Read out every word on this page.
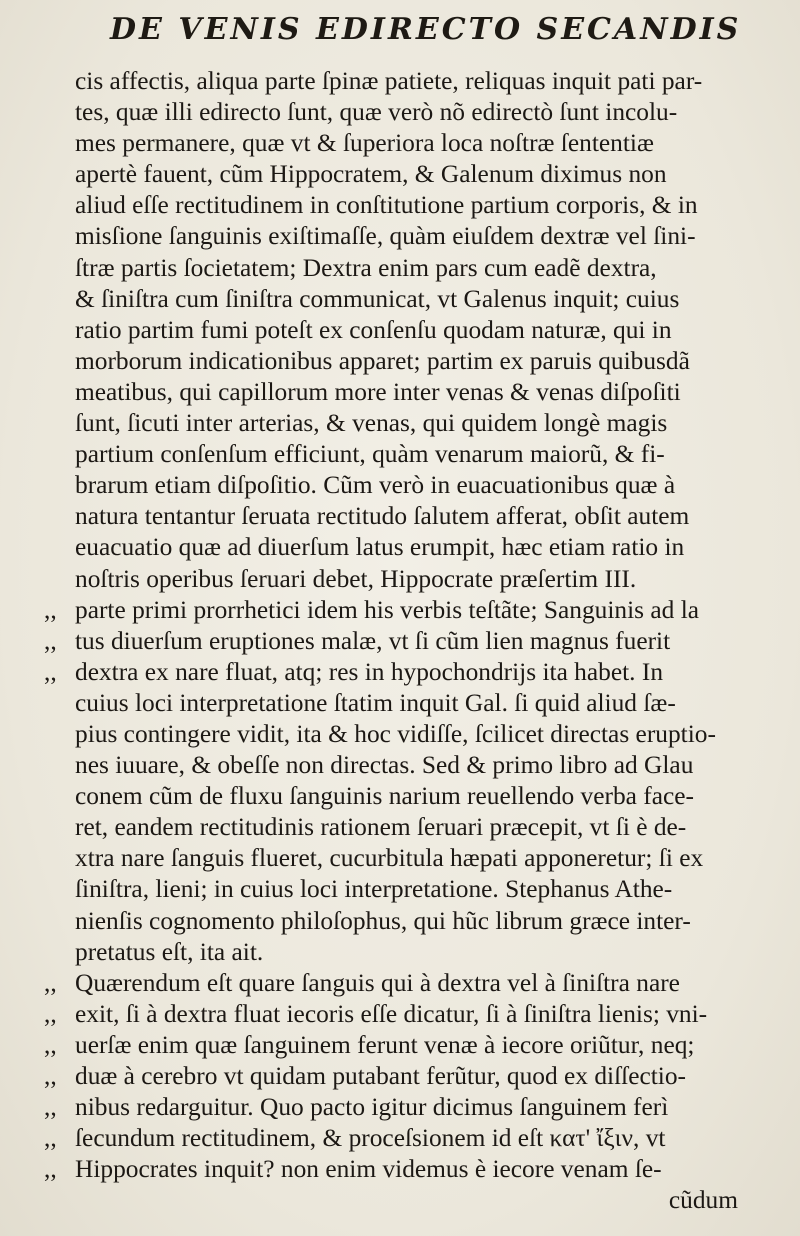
DE VENIS EDIRECTO SECANDIS
cis affectis, aliqua parte ſpinæ patiete, reliquas inquit pati par-
tes, quæ illi edirecto ſunt, quæ verò nõ edirectò ſunt incolu-
mes permanere, quæ vt & ſuperiora loca noſtræ ſententiæ
apertè fauent, cũm Hippocratem, & Galenum diximus non
aliud eſſe rectitudinem in conſtitutione partium corporis, & in
misſione ſanguinis exiſtimaſſe, quàm eiuſdem dextræ vel ſini-
ſtræ partis ſocietatem; Dextra enim pars cum eadẽ dextra,
& ſiniſtra cum ſiniſtra communicat, vt Galenus inquit; cuius
ratio partim fumi poteſt ex conſenſu quodam naturæ, qui in
morborum indicationibus apparet; partim ex paruis quibusdã
meatibus, qui capillorum more inter venas & venas diſpoſiti
ſunt, ſicuti inter arterias, & venas, qui quidem longè magis
partium conſenſum efficiunt, quàm venarum maiorũ, & fi-
brarum etiam diſpoſitio. Cũm verò in euacuationibus quæ à
natura tentantur ſeruata rectitudo ſalutem afferat, obſit autem
euacuatio quæ ad diuerſum latus erumpit, hæc etiam ratio in
noſtris operibus ſeruari debet, Hippocrate præſertim III.
,, parte primi prorrhetici idem his verbis teſtãte; Sanguinis ad la
,, tus diuerſum eruptiones malæ, vt ſi cũm lien magnus fuerit
,, dextra ex nare fluat, atq; res in hypochondrijs ita habet. In
cuius loci interpretatione ſtatim inquit Gal. ſi quid aliud ſæ-
pius contingere vidit, ita & hoc vidiſſe, ſcilicet directas eruptio-
nes iuuare, & obeſſe non directas. Sed & primo libro ad Glau
conem cũm de fluxu ſanguinis narium reuellendo verba face-
ret, eandem rectitudinis rationem ſeruari præcepit, vt ſi è de-
xtra nare ſanguis flueret, cucurbitula hæpati apponeretur; ſi ex
ſiniſtra, lieni; in cuius loci interpretatione. Stephanus Athe-
nienſis cognomento philoſophus, qui hũc librum græce inter-
pretatus eſt, ita ait.
,, Quærendum eſt quare ſanguis qui à dextra vel à ſiniſtra nare
,, exit, ſi à dextra fluat iecoris eſſe dicatur, ſi à ſiniſtra lienis; vni-
,, uerſæ enim quæ ſanguinem ferunt venæ à iecore oriũtur, neq;
,, duæ à cerebro vt quidam putabant ferũtur, quod ex diſſectio-
,, nibus redarguitur. Quo pacto igitur dicimus ſanguinem ferì
,, ſecundum rectitudinem, & proceſsionem id eſt κατ' ἴξιν, vt
,, Hippocrates inquit? non enim videmus è iecore venam ſe-
cũdum
